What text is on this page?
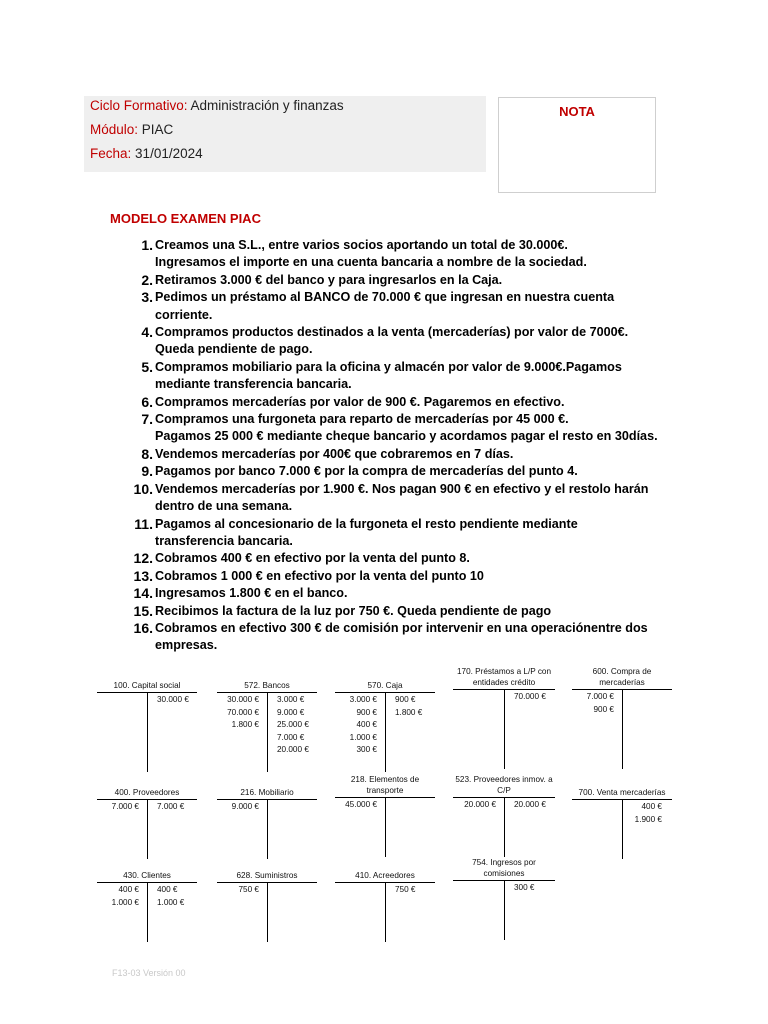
Ciclo Formativo: Administración y finanzas
Módulo: PIAC
Fecha: 31/01/2024
NOTA
MODELO EXAMEN PIAC
1. Creamos una S.L., entre varios socios aportando un total de 30.000€.
Ingresamos el importe en una cuenta bancaria a nombre de la sociedad.
2. Retiramos 3.000 € del banco y para ingresarlos en la Caja.
3. Pedimos un préstamo al BANCO de 70.000 € que ingresan en nuestra cuenta
corriente.
4. Compramos productos destinados a la venta (mercaderías) por valor de 7000€.
Queda pendiente de pago.
5. Compramos mobiliario para la oficina y almacén por valor de 9.000€.Pagamos
mediante transferencia bancaria.
6. Compramos mercaderías por valor de 900 €. Pagaremos en efectivo.
7. Compramos una furgoneta para reparto de mercaderías por 45 000 €.
Pagamos 25 000 € mediante cheque bancario y acordamos pagar el resto en 30días.
8. Vendemos mercaderías por 400€ que cobraremos en 7 días.
9. Pagamos por banco 7.000 € por la compra de mercaderías del punto 4.
10. Vendemos mercaderías por 1.900 €. Nos pagan 900 € en efectivo y el restolo harán
dentro de una semana.
11. Pagamos al concesionario de la furgoneta el resto pendiente mediante
transferencia bancaria.
12. Cobramos 400 € en efectivo por la venta del punto 8.
13. Cobramos 1 000 € en efectivo por la venta del punto 10
14. Ingresamos 1.800 € en el banco.
15. Recibimos la factura de la luz por 750 €. Queda pendiente de pago
16. Cobramos en efectivo 300 € de comisión por intervenir en una operaciónentre dos
empresas.
100. Capital social
30.000 €
572. Bancos
30.000 €
70.000 €
1.800 €
3.000 €
9.000 €
25.000 €
7.000 €
20.000 €
570. Caja
3.000 €
900 €
400 €
1.000 €
300 €
900 €
1.800 €
170. Préstamos a L/P con
entidades crédito
70.000 €
600. Compra de
mercaderías
7.000 €
900 €
400. Proveedores
7.000 € 7.000 €
216. Mobiliario
9.000 €
218. Elementos de
transporte
45.000 €
523. Proveedores inmov. a
C/P
20.000 € 20.000 €
700. Venta mercaderías
400 €
1.900 €
430. Clientes
400 €
1.000 €
400 €
1.000 €
628. Suministros
750 €
410. Acreedores
750 €
754. Ingresos por
comisiones
300 €
F13-03 Versión 00
